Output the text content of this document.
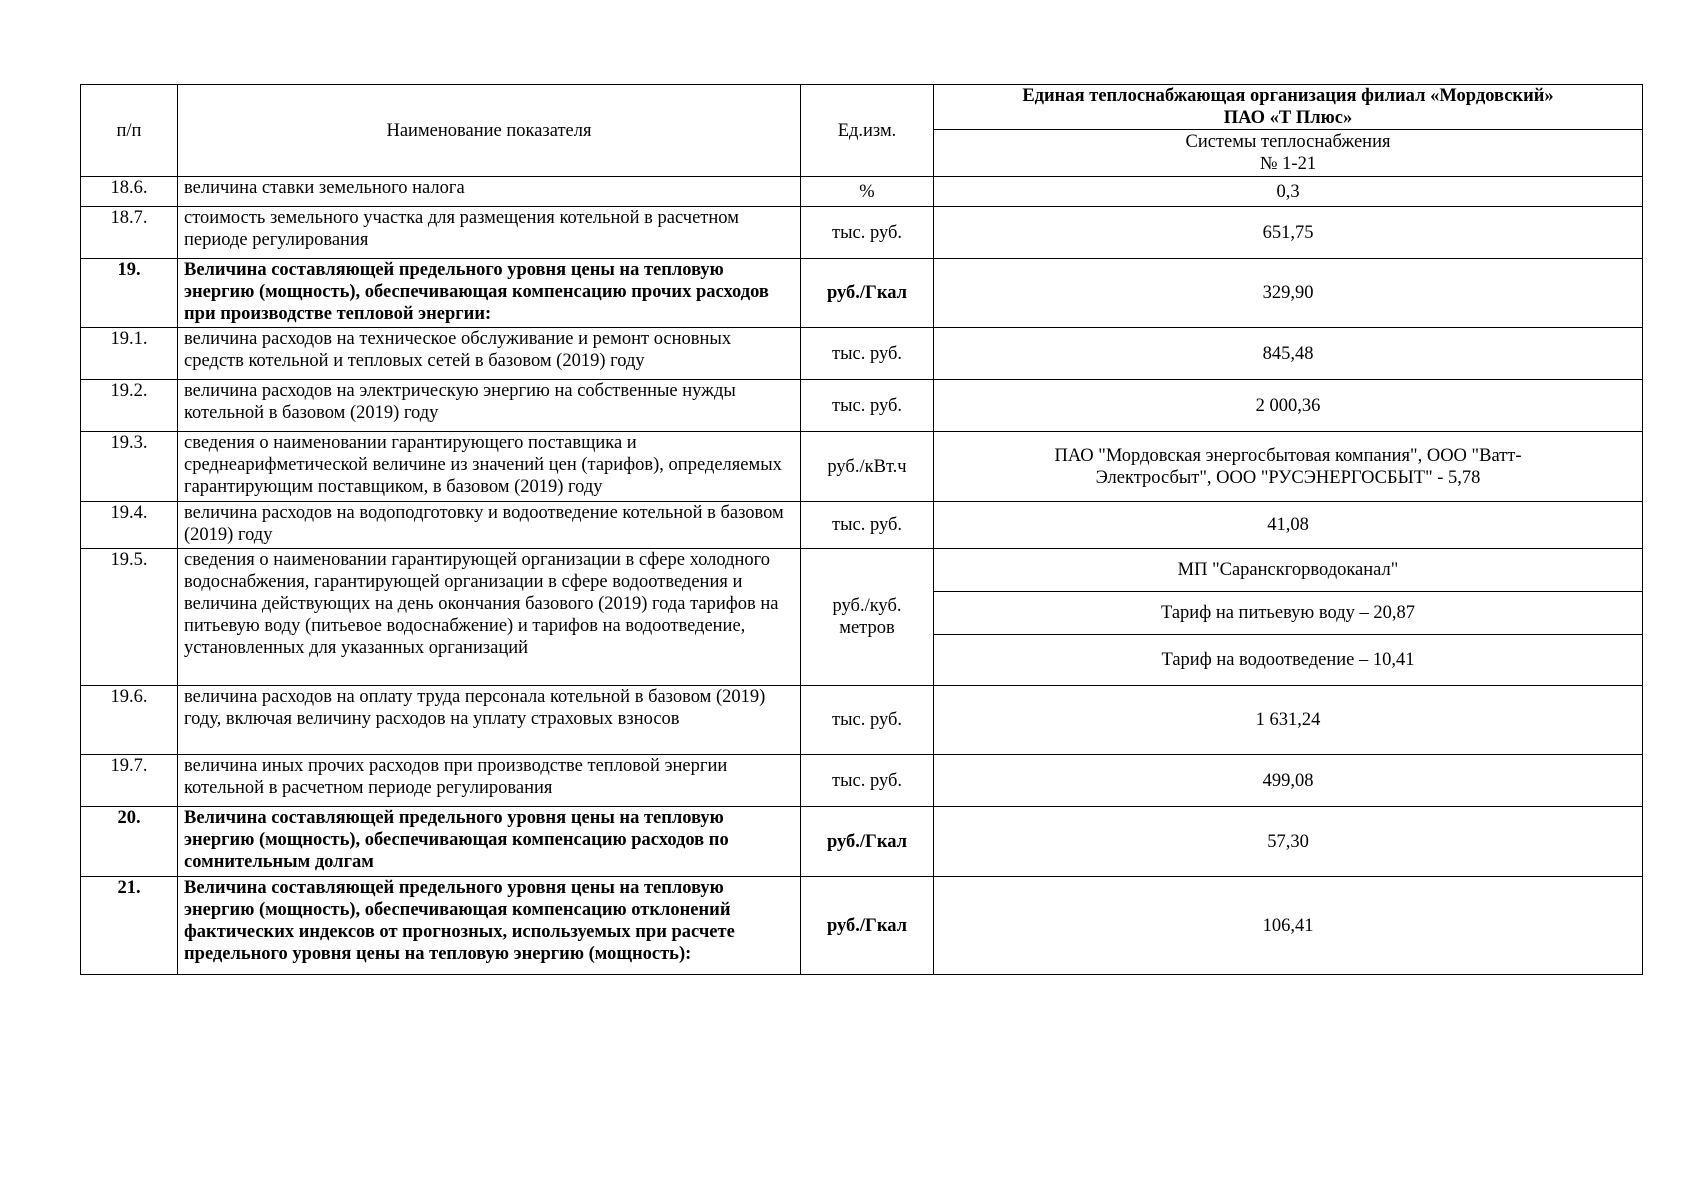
п/п	Наименование показателя	Ед.изм.	Единая теплоснабжающая организация филиал «Мордовский»
ПАО «Т Плюс»

			Системы теплоснабжения
№ 1-21

18.6.	величина ставки земельного налога	%	0,3
18.7.	стоимость земельного участка для размещения котельной в расчетном периоде регулирования	тыс. руб.	651,75
19.	Величина составляющей предельного уровня цены на тепловую энергию (мощность), обеспечивающая компенсацию прочих расходов при производстве тепловой энергии:	руб./Гкал	329,90
19.1.	величина расходов на техническое обслуживание и ремонт основных средств котельной и тепловых сетей в базовом (2019) году	тыс. руб.	845,48
19.2.	величина расходов на электрическую энергию на собственные нужды котельной в базовом (2019) году	тыс. руб.	2 000,36
19.3.	сведения о наименовании гарантирующего поставщика и среднеарифметической величине из значений цен (тарифов), определяемых гарантирующим поставщиком, в базовом (2019) году	руб./кВт.ч	ПАО "Мордовская энергосбытовая компания", ООО "Ватт-
Электросбыт", ООО "РУСЭНЕРГОСБЫТ" - 5,78

19.4.	величина расходов на водоподготовку и водоотведение котельной в базовом (2019) году	тыс. руб.	41,08
19.5.	сведения о наименовании гарантирующей организации в сфере холодного водоснабжения, гарантирующей организации в сфере водоотведения и величина действующих на день окончания базового (2019) года тарифов на питьевую воду (питьевое водоснабжение) и тарифов на водоотведение, установленных для указанных организаций	руб./куб.
метров	МП "Саранскгорводоканал"
			Тариф на питьевую воду – 20,87
			Тариф на водоотведение – 10,41
19.6.	величина расходов на оплату труда персонала котельной в базовом (2019) году, включая величину расходов на уплату страховых взносов	тыс. руб.	1 631,24
19.7.	величина иных прочих расходов при производстве тепловой энергии котельной в расчетном периоде регулирования	тыс. руб.	499,08
20.	Величина составляющей предельного уровня цены на тепловую энергию (мощность), обеспечивающая компенсацию расходов по сомнительным долгам	руб./Гкал	57,30
21.	Величина составляющей предельного уровня цены на тепловую энергию (мощность), обеспечивающая компенсацию отклонений фактических индексов от прогнозных, используемых при расчете предельного уровня цены на тепловую энергию (мощность):	руб./Гкал	106,41
